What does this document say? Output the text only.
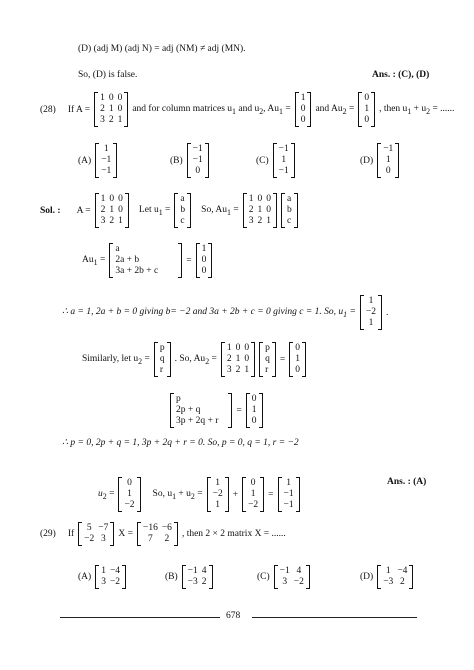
(D) (adj M) (adj N) = adj (NM) ≠ adj (MN).
So, (D) is false.	Ans. : (C), (D)
(28) If A =
1	0	0
2	1	0
3	2	1
and for column matrices $u_1$ and $u_2$, $Au_1$ =
1
0
0
and $Au_2$ =
0
1
0
, then $u_1 + u_2$ = ......
(A)
1
−1
−1
(B)
−1
−1
0
(C)
−1
1
−1
(D)
−1
1
0
Sol. : A =
1	0	0
2	1	0
3	2	1
Let $u_1$ =
a
b
c
So, $Au_1$ =
1	0	0
2	1	0
3	2	1
a
b
c
$Au_1$ =
a
2a + b
3a + 2b + c
=
1
0
0
∴ a = 1, 2a + b = 0 giving b= −2 and 3a + 2b + c = 0 giving c = 1. So, $u_1$ =
1
−2
1
.
Similarly, let $u_2$ =
p
q
r
. So, $Au_2$ =
1	0	0
2	1	0
3	2	1
p
q
r
=
0
1
0
p
2p + q
3p + 2q + r
=
0
1
0
∴ p = 0, 2p + q = 1, 3p + 2q + r = 0. So, p = 0, q = 1, r = −2
$u_2$ =
0
1
−2
So, $u_1 + u_2$ =
1
−2
1
+
0
1
−2
=
1
−1
−1
Ans. : (A)
(29) If
5	−7
−2	3 X =
−16	−6
7	2 , then 2 × 2 matrix X = ......
(A)
1	−4
3	−2	(B)
−1	4
−3	2	(C)
−1	4
3	−2	(D)
1	−4
−3	2
678
